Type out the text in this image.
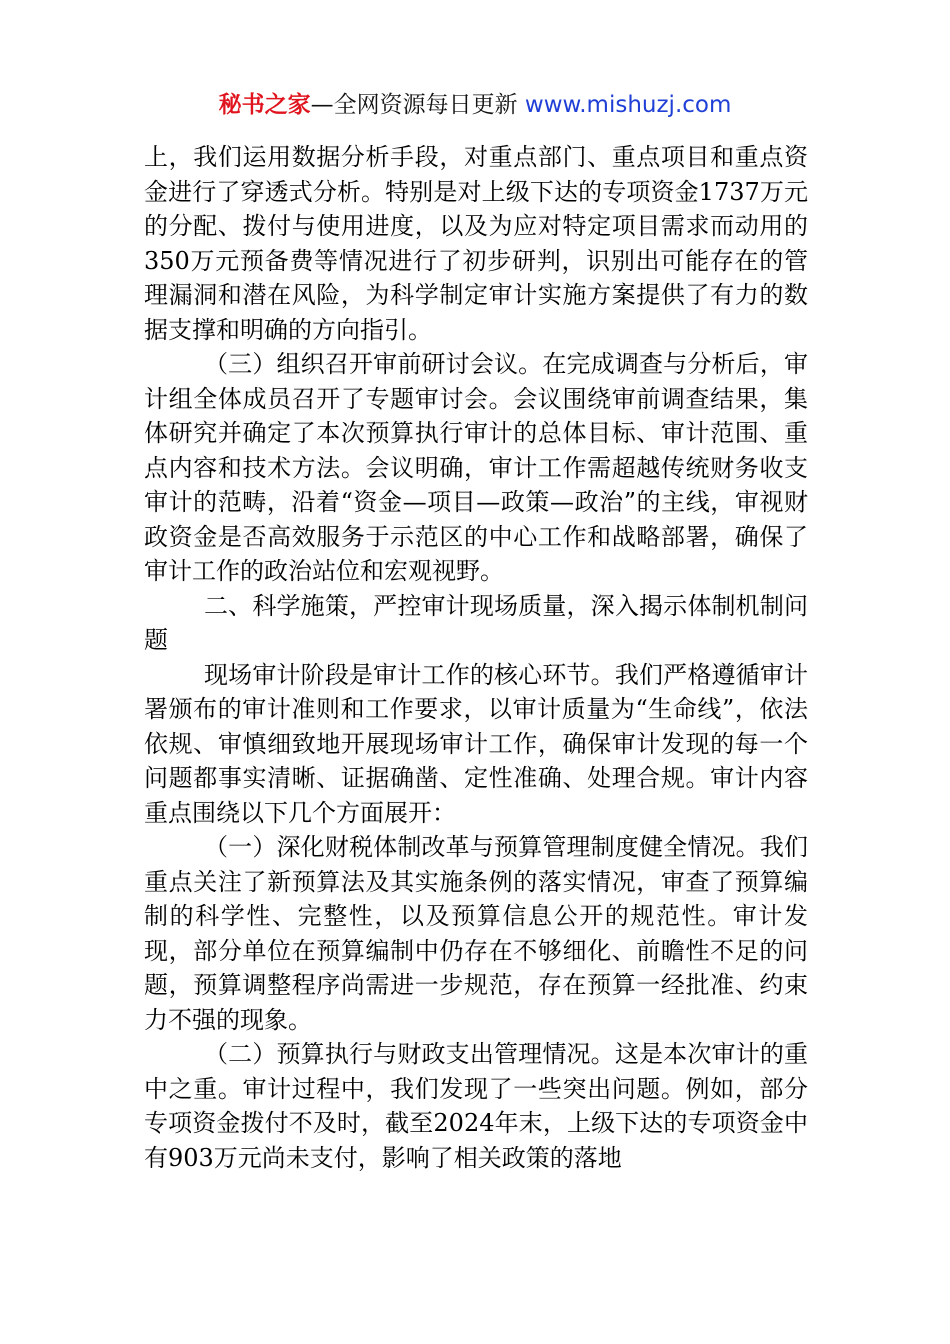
秘书之家—全网资源每日更新 www.mishuzj.com

上，我们运用数据分析手段，对重点部门、重点项目和重点资金进行了穿透式分析。特别是对上级下达的专项资金1737万元的分配、拨付与使用进度，以及为应对特定项目需求而动用的350万元预备费等情况进行了初步研判，识别出可能存在的管理漏洞和潜在风险，为科学制定审计实施方案提供了有力的数据支撑和明确的方向指引。

（三）组织召开审前研讨会议。在完成调查与分析后，审计组全体成员召开了专题审讨会。会议围绕审前调查结果，集体研究并确定了本次预算执行审计的总体目标、审计范围、重点内容和技术方法。会议明确，审计工作需超越传统财务收支审计的范畴，沿着“资金—项目—政策—政治”的主线，审视财政资金是否高效服务于示范区的中心工作和战略部署，确保了审计工作的政治站位和宏观视野。

二、科学施策，严控审计现场质量，深入揭示体制机制问题

现场审计阶段是审计工作的核心环节。我们严格遵循审计署颁布的审计准则和工作要求，以审计质量为“生命线”，依法依规、审慎细致地开展现场审计工作，确保审计发现的每一个问题都事实清晰、证据确凿、定性准确、处理合规。审计内容重点围绕以下几个方面展开：

（一）深化财税体制改革与预算管理制度健全情况。我们重点关注了新预算法及其实施条例的落实情况，审查了预算编制的科学性、完整性，以及预算信息公开的规范性。审计发现，部分单位在预算编制中仍存在不够细化、前瞻性不足的问题，预算调整程序尚需进一步规范，存在预算一经批准、约束力不强的现象。

（二）预算执行与财政支出管理情况。这是本次审计的重中之重。审计过程中，我们发现了一些突出问题。例如，部分专项资金拨付不及时，截至2024年末，上级下达的专项资金中有903万元尚未支付，影响了相关政策的落地
